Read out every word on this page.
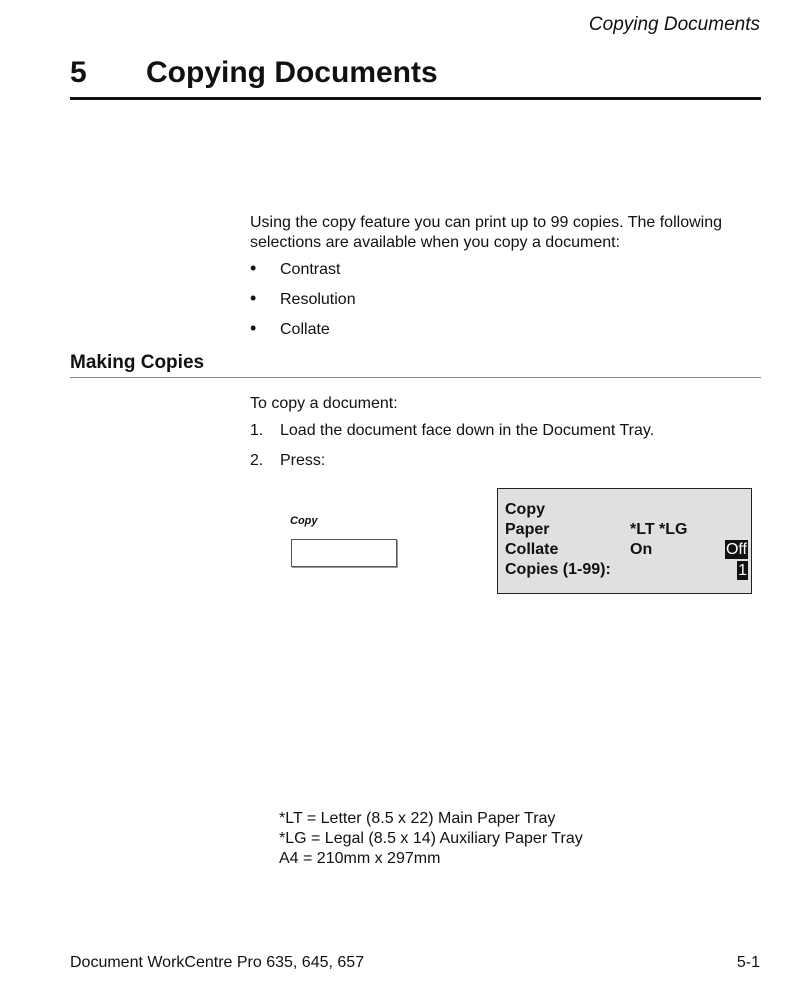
Copying Documents
5 Copying Documents
Using the copy feature you can print up to 99 copies. The following selections are available when you copy a document:
• Contrast
• Resolution
• Collate
Making Copies
To copy a document:
1. Load the document face down in the Document Tray.
2. Press:
Copy
Copy
Paper	*LT *LG
Collate	On	Off
Copies (1-99):	1
*LT = Letter (8.5 x 22) Main Paper Tray
*LG = Legal (8.5 x 14) Auxiliary Paper Tray
A4 = 210mm x 297mm
Document WorkCentre Pro 635, 645, 657	5-1
